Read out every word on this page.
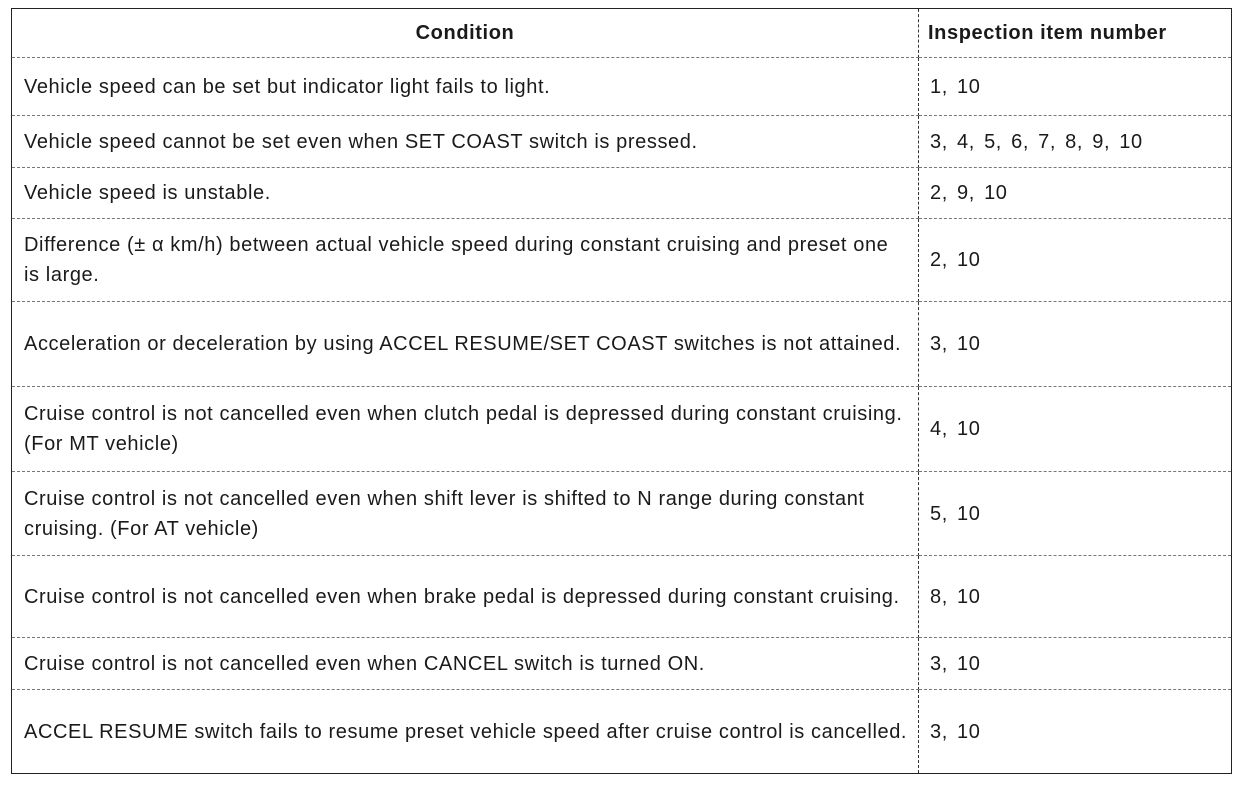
Condition	Inspection item number
Vehicle speed can be set but indicator light fails to light.	1, 10
Vehicle speed cannot be set even when SET COAST switch is pressed.	3, 4, 5, 6, 7, 8, 9, 10
Vehicle speed is unstable.	2, 9, 10
Difference (± α km/h) between actual vehicle speed during constant cruising and preset one is large.	2, 10
Acceleration or deceleration by using ACCEL RESUME/SET COAST switches is not attained.	3, 10
Cruise control is not cancelled even when clutch pedal is depressed during constant cruising. (For MT vehicle)	4, 10
Cruise control is not cancelled even when shift lever is shifted to N range during constant cruising. (For AT vehicle)	5, 10
Cruise control is not cancelled even when brake pedal is depressed during constant cruising.	8, 10
Cruise control is not cancelled even when CANCEL switch is turned ON.	3, 10
ACCEL RESUME switch fails to resume preset vehicle speed after cruise control is cancelled.	3, 10
